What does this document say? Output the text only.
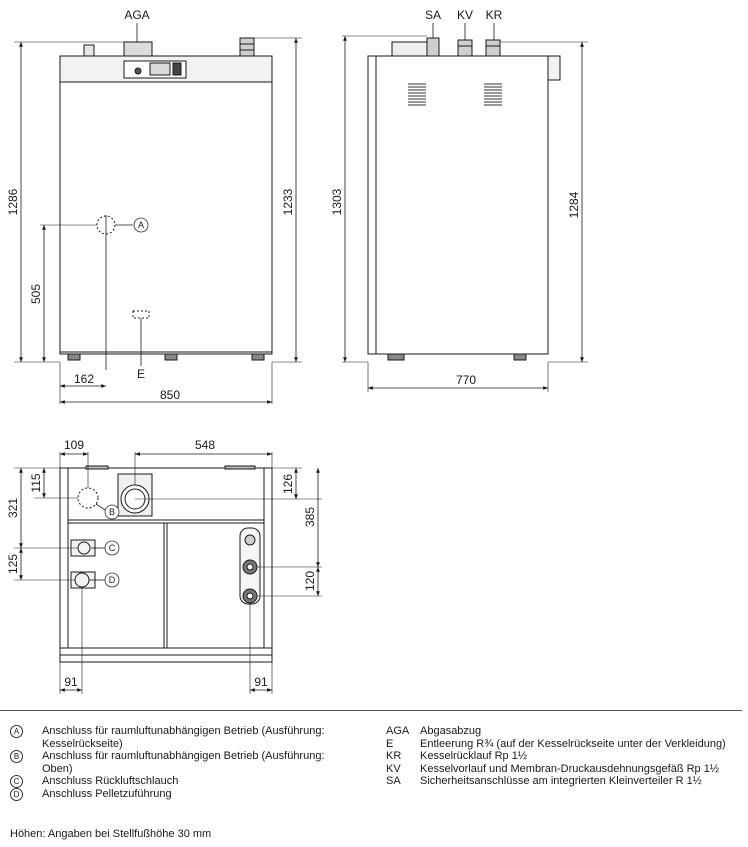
A
AGA
E
1286
505
1233
162
850
SA KV KR
1303	1284
770
B
C
D
109	548
115
321
125
126
385
120
91	91
A	Anschluss für raumluftunabhängigen Betrieb (Ausführung: Kesselrückseite)
B	Anschluss für raumluftunabhängigen Betrieb (Ausführung: Oben)
C	Anschluss Rückluftschlauch
D	Anschluss Pelletzuführung
AGA Abgasabzug
E	Entleerung R¾ (auf der Kesselrückseite unter der Verkleidung)
KR	Kesselrücklauf Rp 1½
KV	Kesselvorlauf und Membran-Druckausdehnungsgefäß Rp 1½
SA	Sicherheitsanschlüsse am integrierten Kleinverteiler R 1½
Höhen: Angaben bei Stellfußhöhe 30 mm
